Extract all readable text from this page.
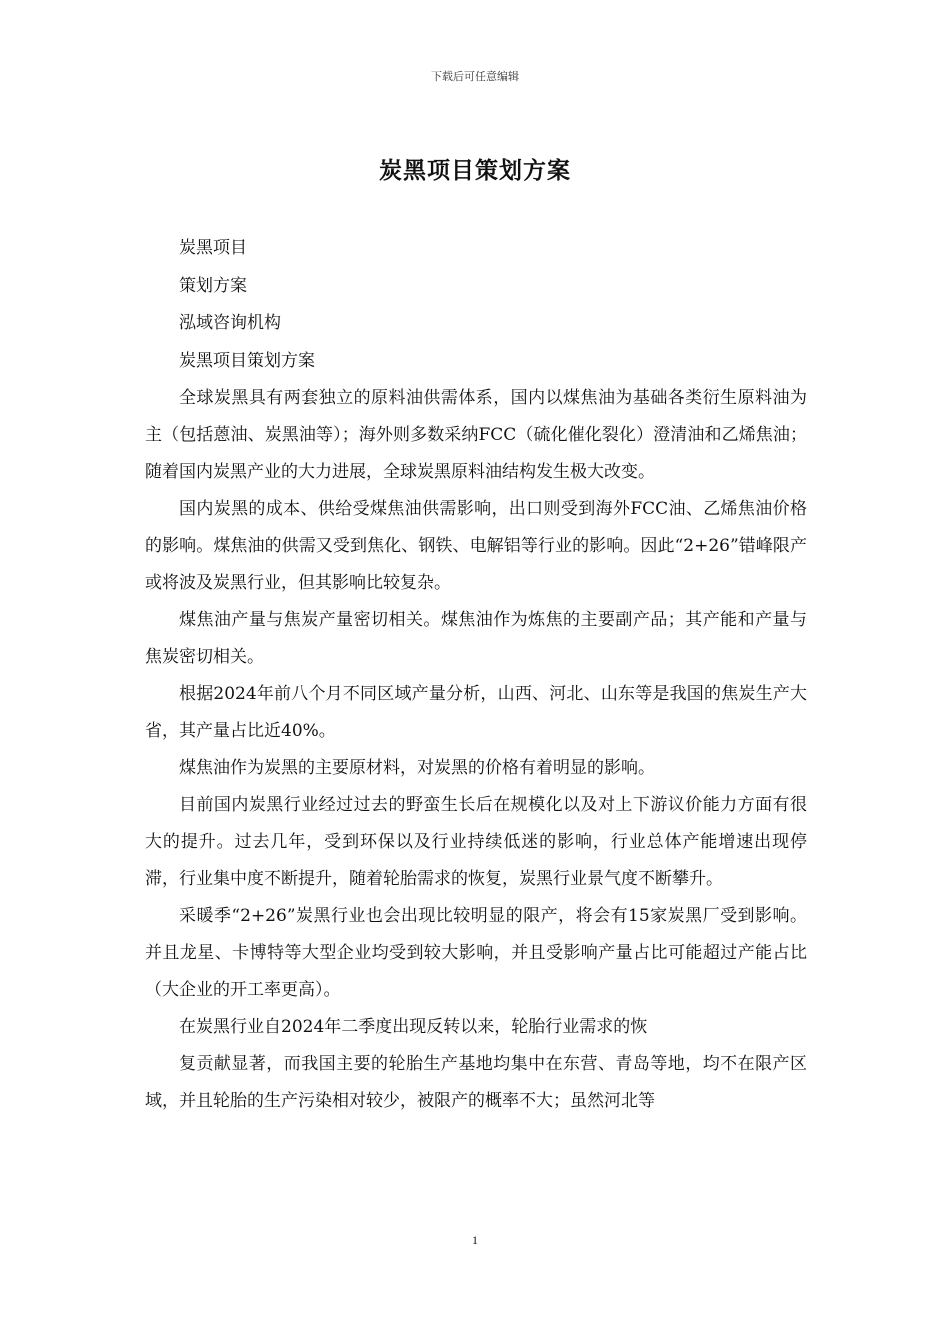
下载后可任意编辑
炭黑项目策划方案

炭黑项目

策划方案

泓域咨询机构

炭黑项目策划方案

全球炭黑具有两套独立的原料油供需体系，国内以煤焦油为基础各类衍生原料油为主（包括蒽油、炭黑油等）；海外则多数采纳FCC（硫化催化裂化）澄清油和乙烯焦油；随着国内炭黑产业的大力进展，全球炭黑原料油结构发生极大改变。

国内炭黑的成本、供给受煤焦油供需影响，出口则受到海外FCC油、乙烯焦油价格的影响。煤焦油的供需又受到焦化、钢铁、电解铝等行业的影响。因此“2+26”错峰限产或将波及炭黑行业，但其影响比较复杂。

煤焦油产量与焦炭产量密切相关。煤焦油作为炼焦的主要副产品；其产能和产量与焦炭密切相关。

根据2024年前八个月不同区域产量分析，山西、河北、山东等是我国的焦炭生产大省，其产量占比近40%。

煤焦油作为炭黑的主要原材料，对炭黑的价格有着明显的影响。

目前国内炭黑行业经过过去的野蛮生长后在规模化以及对上下游议价能力方面有很大的提升。过去几年，受到环保以及行业持续低迷的影响，行业总体产能增速出现停滞，行业集中度不断提升，随着轮胎需求的恢复，炭黑行业景气度不断攀升。

采暖季“2+26”炭黑行业也会出现比较明显的限产，将会有15家炭黑厂受到影响。并且龙星、卡博特等大型企业均受到较大影响，并且受影响产量占比可能超过产能占比（大企业的开工率更高）。

在炭黑行业自2024年二季度出现反转以来，轮胎行业需求的恢

复贡献显著，而我国主要的轮胎生产基地均集中在东营、青岛等地，均不在限产区域，并且轮胎的生产污染相对较少，被限产的概率不大；虽然河北等

1
